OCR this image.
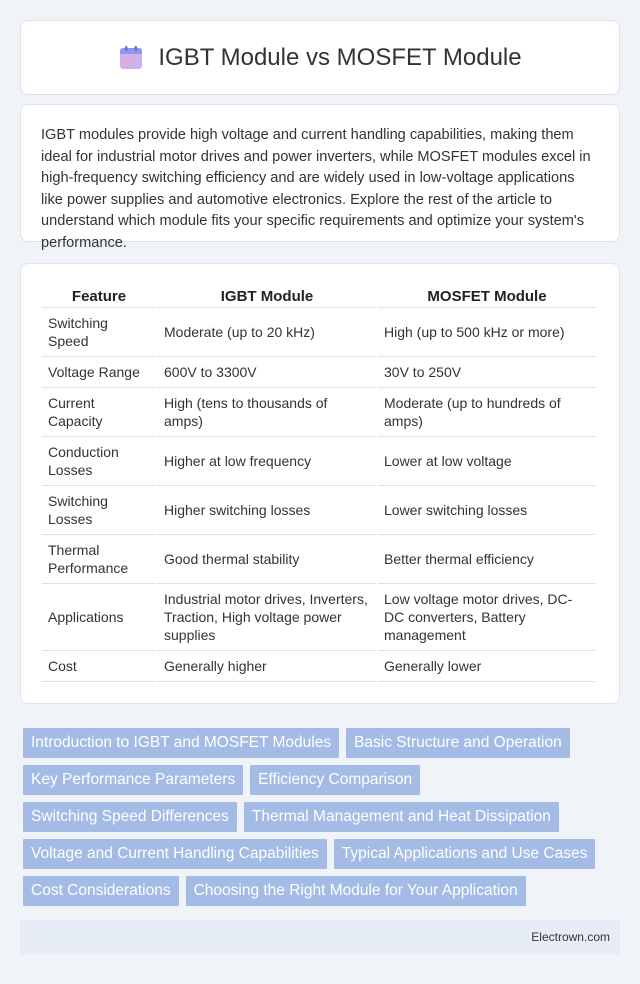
IGBT Module vs MOSFET Module

IGBT modules provide high voltage and current handling capabilities, making them ideal for industrial motor drives and power inverters, while MOSFET modules excel in high-frequency switching efficiency and are widely used in low-voltage applications like power supplies and automotive electronics. Explore the rest of the article to understand which module fits your specific requirements and optimize your system's performance.

Feature	IGBT Module	MOSFET Module
Switching Speed	Moderate (up to 20 kHz)	High (up to 500 kHz or more)
Voltage Range	600V to 3300V	30V to 250V
Current Capacity	High (tens to thousands of amps)	Moderate (up to hundreds of amps)
Conduction Losses	Higher at low frequency	Lower at low voltage
Switching Losses	Higher switching losses	Lower switching losses
Thermal Performance	Good thermal stability	Better thermal efficiency
Applications	Industrial motor drives, Inverters, Traction, High voltage power supplies	Low voltage motor drives, DC-DC converters, Battery management
Cost	Generally higher	Generally lower
Introduction to IGBT and MOSFET Modules	Basic Structure and Operation
Key Performance Parameters	Efficiency Comparison
Switching Speed Differences	Thermal Management and Heat Dissipation
Voltage and Current Handling Capabilities	Typical Applications and Use Cases
Cost Considerations	Choosing the Right Module for Your Application
Electrown.com
